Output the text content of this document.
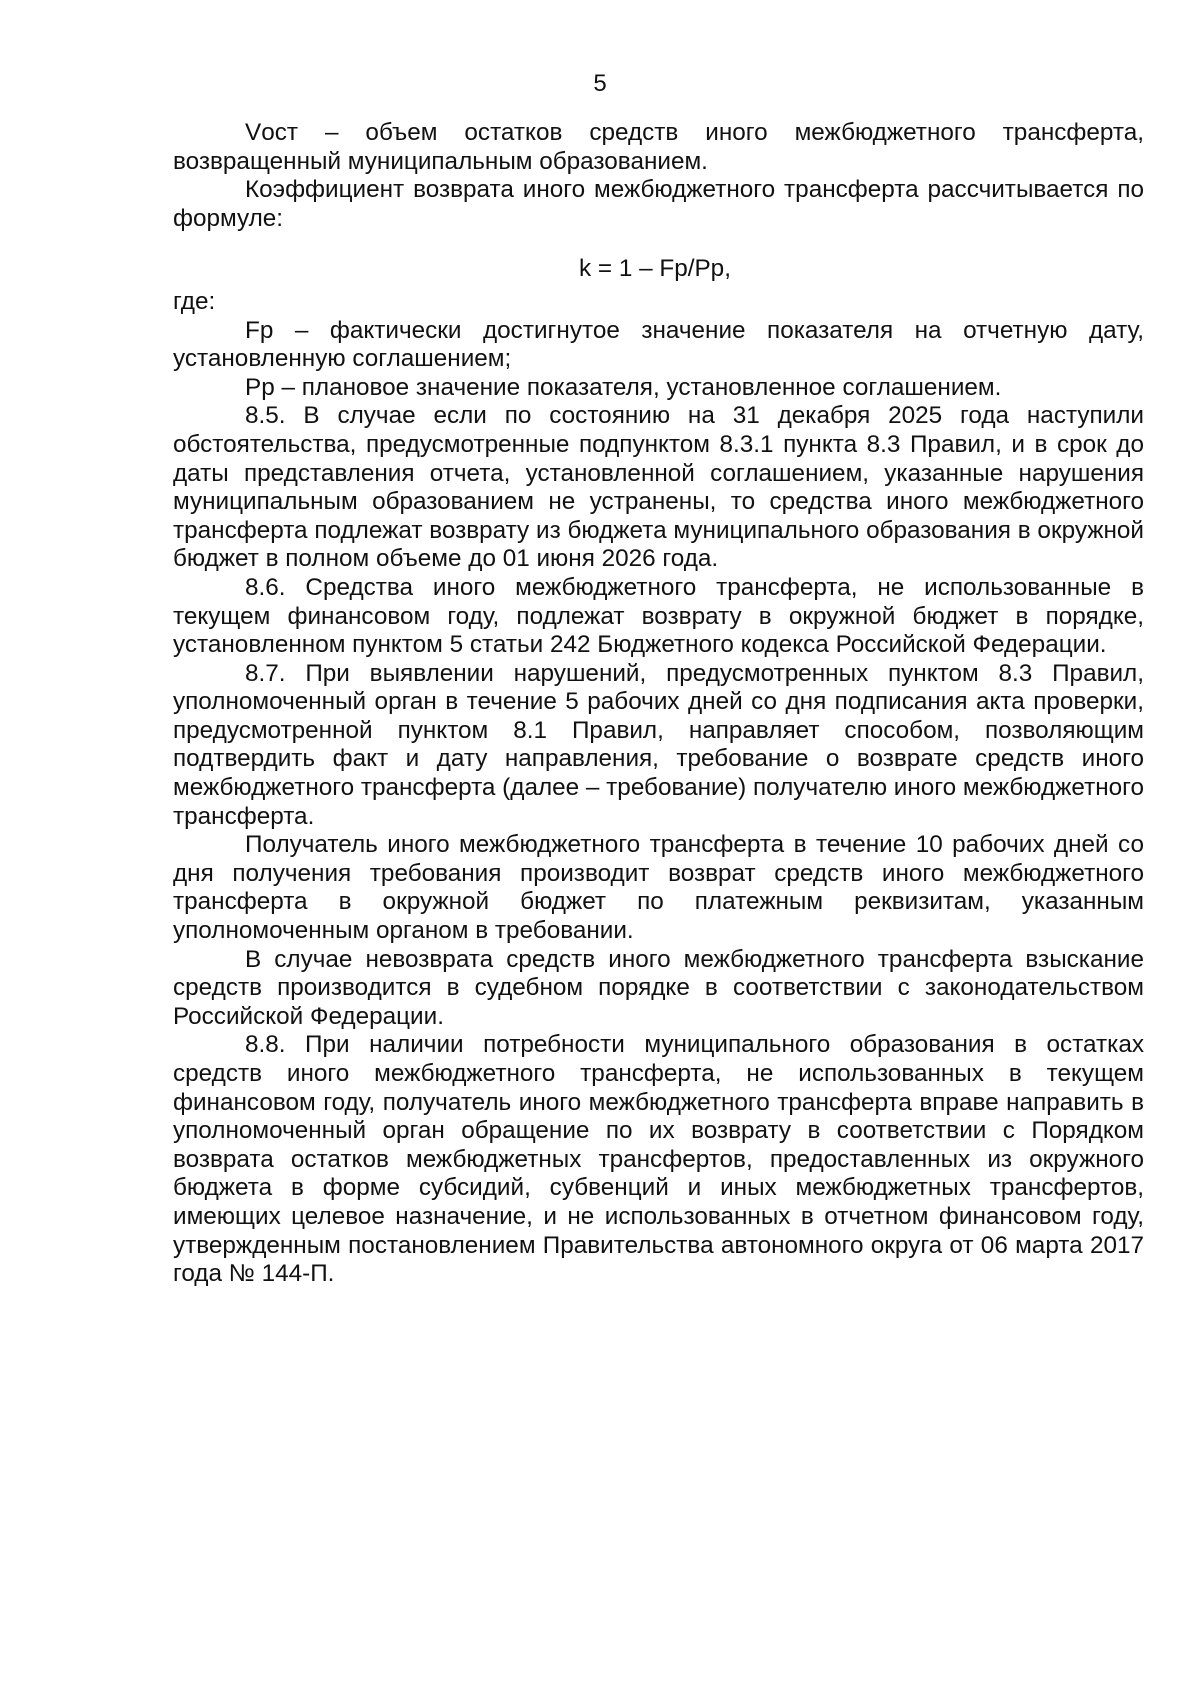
5

Vост – объем остатков средств иного межбюджетного трансферта, возвращенный муниципальным образованием.

Коэффициент возврата иного межбюджетного трансферта рассчитывается по формуле:

k = 1 – Fp/Pp,

где:

Fp – фактически достигнутое значение показателя на отчетную дату, установленную соглашением;

Pp – плановое значение показателя, установленное соглашением.

8.5. В случае если по состоянию на 31 декабря 2025 года наступили обстоятельства, предусмотренные подпунктом 8.3.1 пункта 8.3 Правил, и в срок до даты представления отчета, установленной соглашением, указанные нарушения муниципальным образованием не устранены, то средства иного межбюджетного трансферта подлежат возврату из бюджета муниципального образования в окружной бюджет в полном объеме до 01 июня 2026 года.

8.6. Средства иного межбюджетного трансферта, не использованные в текущем финансовом году, подлежат возврату в окружной бюджет в порядке, установленном пунктом 5 статьи 242 Бюджетного кодекса Российской Федерации.

8.7. При выявлении нарушений, предусмотренных пунктом 8.3 Правил, уполномоченный орган в течение 5 рабочих дней со дня подписания акта проверки, предусмотренной пунктом 8.1 Правил, направляет способом, позволяющим подтвердить факт и дату направления, требование о возврате средств иного межбюджетного трансферта (далее – требование) получателю иного межбюджетного трансферта.

Получатель иного межбюджетного трансферта в течение 10 рабочих дней со дня получения требования производит возврат средств иного межбюджетного трансферта в окружной бюджет по платежным реквизитам, указанным уполномоченным органом в требовании.

В случае невозврата средств иного межбюджетного трансферта взыскание средств производится в судебном порядке в соответствии с законодательством Российской Федерации.

8.8. При наличии потребности муниципального образования в остатках средств иного межбюджетного трансферта, не использованных в текущем финансовом году, получатель иного межбюджетного трансферта вправе направить в уполномоченный орган обращение по их возврату в соответствии с Порядком возврата остатков межбюджетных трансфертов, предоставленных из окружного бюджета в форме субсидий, субвенций и иных межбюджетных трансфертов, имеющих целевое назначение, и не использованных в отчетном финансовом году, утвержденным постановлением Правительства автономного округа от 06 марта 2017 года № 144-П.
